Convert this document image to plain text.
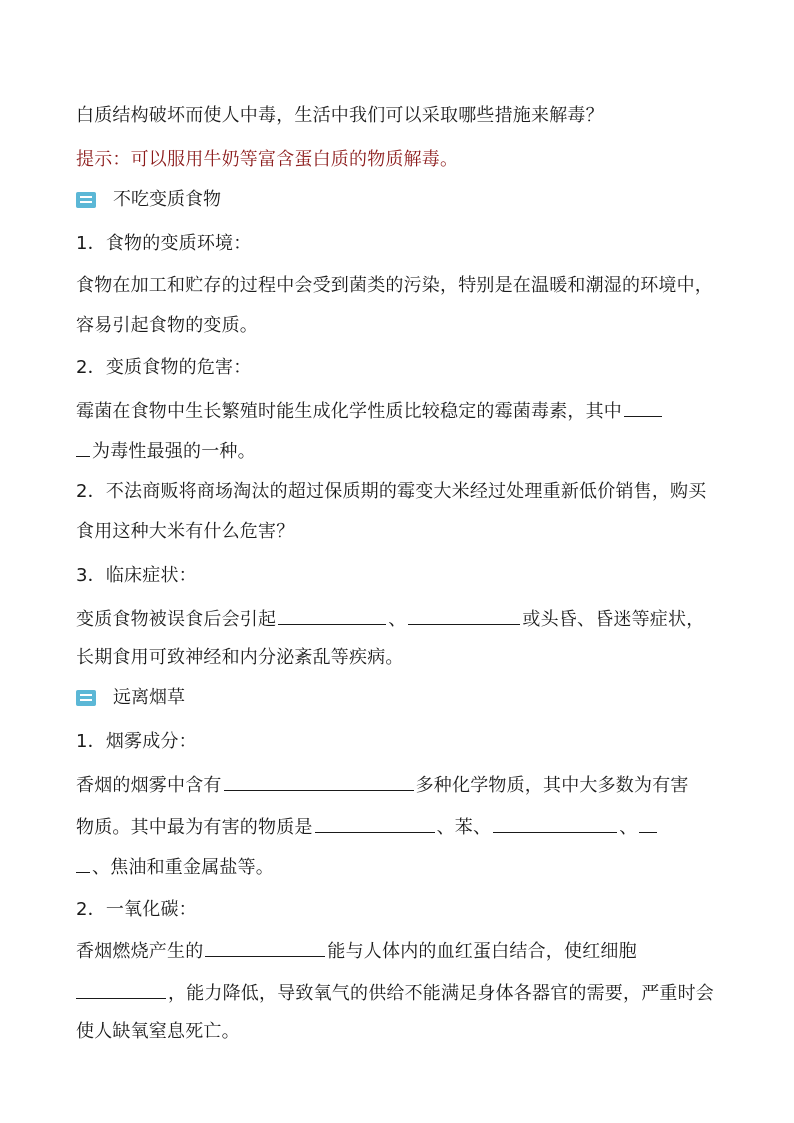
白质结构破坏而使人中毒，生活中我们可以采取哪些措施来解毒？
提示：可以服用牛奶等富含蛋白质的物质解毒。
不吃变质食物
1．食物的变质环境：
食物在加工和贮存的过程中会受到菌类的污染，特别是在温暖和潮湿的环境中，
容易引起食物的变质。
2．变质食物的危害：
霉菌在食物中生长繁殖时能生成化学性质比较稳定的霉菌毒素，其中
为毒性最强的一种。
2．不法商贩将商场淘汰的超过保质期的霉变大米经过处理重新低价销售，购买
食用这种大米有什么危害？
3．临床症状：
变质食物被误食后会引起	、	或头昏、昏迷等症状，
长期食用可致神经和内分泌紊乱等疾病。
远离烟草
1．烟雾成分：
香烟的烟雾中含有	多种化学物质，其中大多数为有害
物质。其中最为有害的物质是	、苯、	、
、焦油和重金属盐等。
2．一氧化碳：
香烟燃烧产生的	能与人体内的血红蛋白结合，使红细胞
，能力降低，导致氧气的供给不能满足身体各器官的需要，严重时会
使人缺氧窒息死亡。
